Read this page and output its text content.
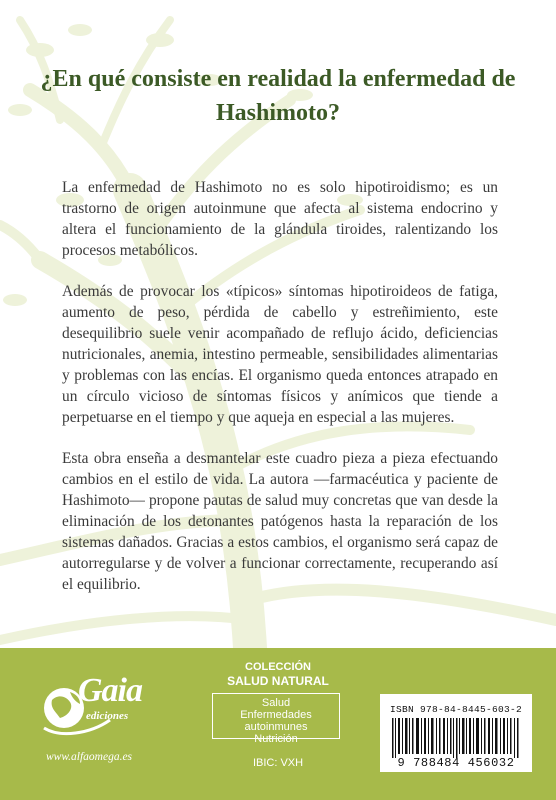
¿En qué consiste en realidad la enfermedad de Hashimoto?

La enfermedad de Hashimoto no es solo hipotiroidismo; es un trastorno de origen autoinmune que afecta al sistema endocrino y altera el funcionamiento de la glándula tiroides, ralentizando los procesos metabólicos.

Además de provocar los «típicos» síntomas hipotiroideos de fatiga, aumento de peso, pérdida de cabello y estreñimiento, este desequilibrio suele venir acompañado de reflujo ácido, deficiencias nutricionales, anemia, intestino permeable, sensibilidades alimentarias y problemas con las encías. El organismo queda entonces atrapado en un círculo vicioso de síntomas físicos y anímicos que tiende a perpetuarse en el tiempo y que aqueja en especial a las mujeres.

Esta obra enseña a desmantelar este cuadro pieza a pieza efectuando cambios en el estilo de vida. La autora —farmacéutica y paciente de Hashimoto— propone pautas de salud muy concretas que van desde la eliminación de los detonantes patógenos hasta la reparación de los sistemas dañados. Gracias a estos cambios, el organismo será capaz de autorregularse y de volver a funcionar correctamente, recuperando así el equilibrio.

Gaia
ediciones
www.alfaomega.es
COLECCIÓN
SALUD NATURAL
Salud
Enfermedades
autoinmunes
Nutrición
IBIC: VXH
ISBN 978-84-8445-603-2
9 788484 456032
